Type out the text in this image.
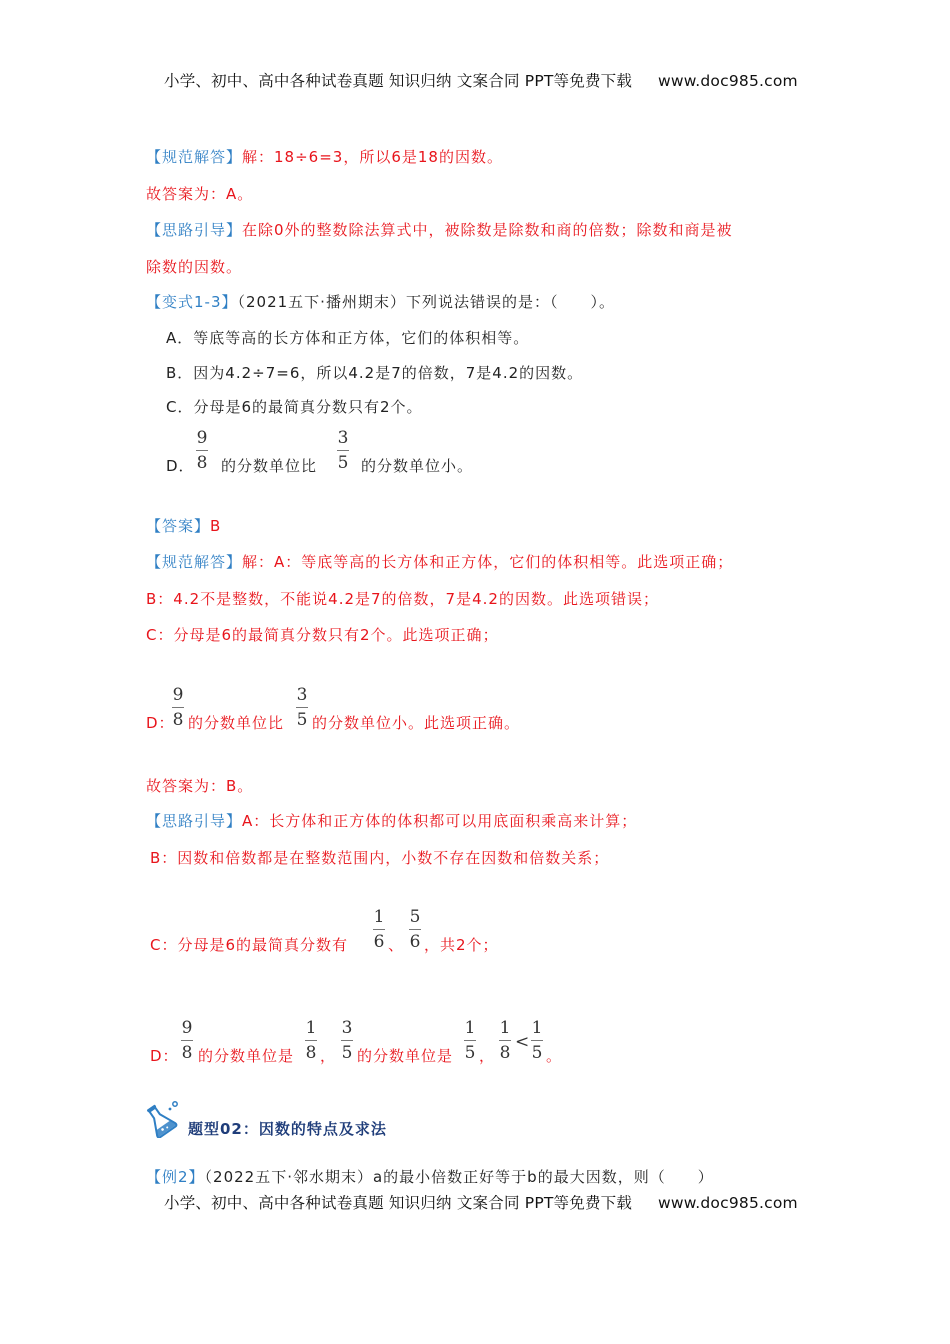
小学、初中、高中各种试卷真题 知识归纳 文案合同 PPT等免费下载 www.doc985.com
【规范解答】解：18÷6=3，所以6是18的因数。
故答案为：A。
【思路引导】在除0外的整数除法算式中，被除数是除数和商的倍数；除数和商是被
除数的因数。
【变式1-3】（2021五下·播州期末）下列说法错误的是：（　　）。
A．等底等高的长方体和正方体，它们的体积相等。
B．因为4.2÷7=6，所以4.2是7的倍数，7是4.2的因数。
C．分母是6的最简真分数只有2个。
D．
9
8 的分数单位比
3
5 的分数单位小。
【答案】B
【规范解答】解：A：等底等高的长方体和正方体，它们的体积相等。此选项正确；
B：4.2不是整数，不能说4.2是7的倍数，7是4.2的因数。此选项错误；
C：分母是6的最简真分数只有2个。此选项正确；
D：
9
8 的分数单位比
3
5 的分数单位小。此选项正确。
故答案为：B。
【思路引导】A：长方体和正方体的体积都可以用底面积乘高来计算；
B：因数和倍数都是在整数范围内，小数不存在因数和倍数关系；
C：分母是6的最简真分数有
1
6 、
5
6 ，共2个；
D：
9
8 的分数单位是
1
8 ，
3
5 的分数单位是
1
5 ，
1
8
<
1
5 。
题型02：因数的特点及求法
【例2】（2022五下·邻水期末）a的最小倍数正好等于b的最大因数，则（　　）
小学、初中、高中各种试卷真题 知识归纳 文案合同 PPT等免费下载 www.doc985.com
